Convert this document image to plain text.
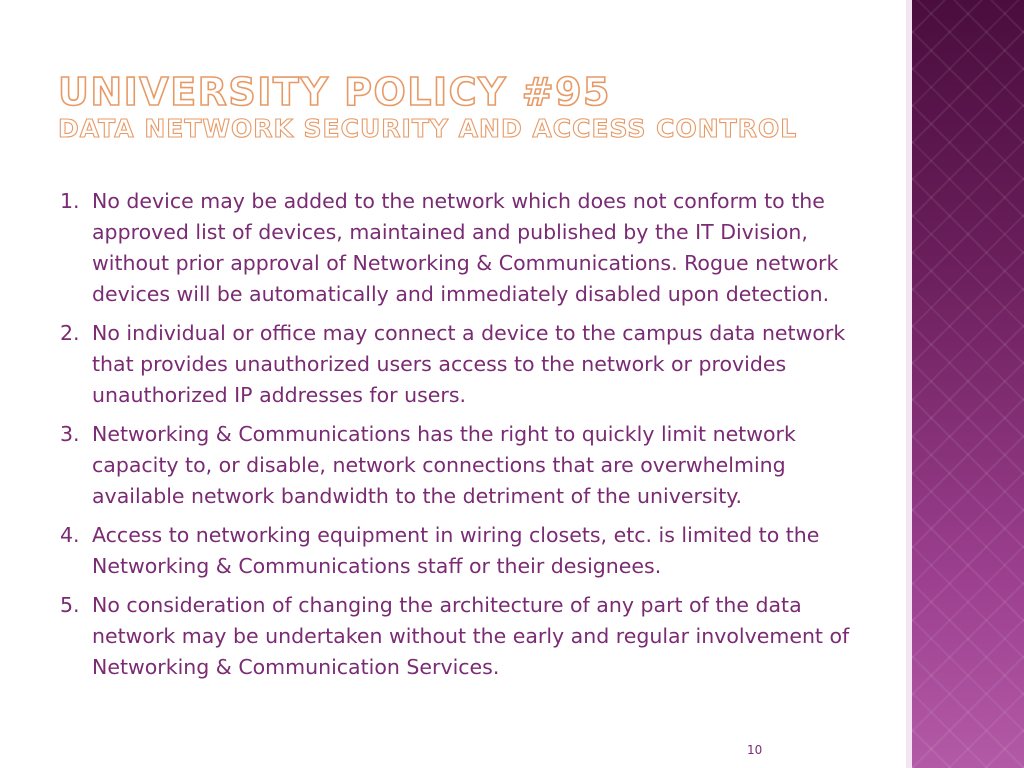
UNIVERSITY POLICY #95
DATA NETWORK SECURITY AND ACCESS CONTROL
1. No device may be added to the network which does not conform to the approved list of devices, maintained and published by the IT Division, without prior approval of Networking & Communications. Rogue network devices will be automatically and immediately disabled upon detection.
2. No individual or office may connect a device to the campus data network that provides unauthorized users access to the network or provides unauthorized IP addresses for users.
3. Networking & Communications has the right to quickly limit network capacity to, or disable, network connections that are overwhelming available network bandwidth to the detriment of the university.
4. Access to networking equipment in wiring closets, etc. is limited to the Networking & Communications staff or their designees.
5. No consideration of changing the architecture of any part of the data network may be undertaken without the early and regular involvement of Networking & Communication Services.
10
